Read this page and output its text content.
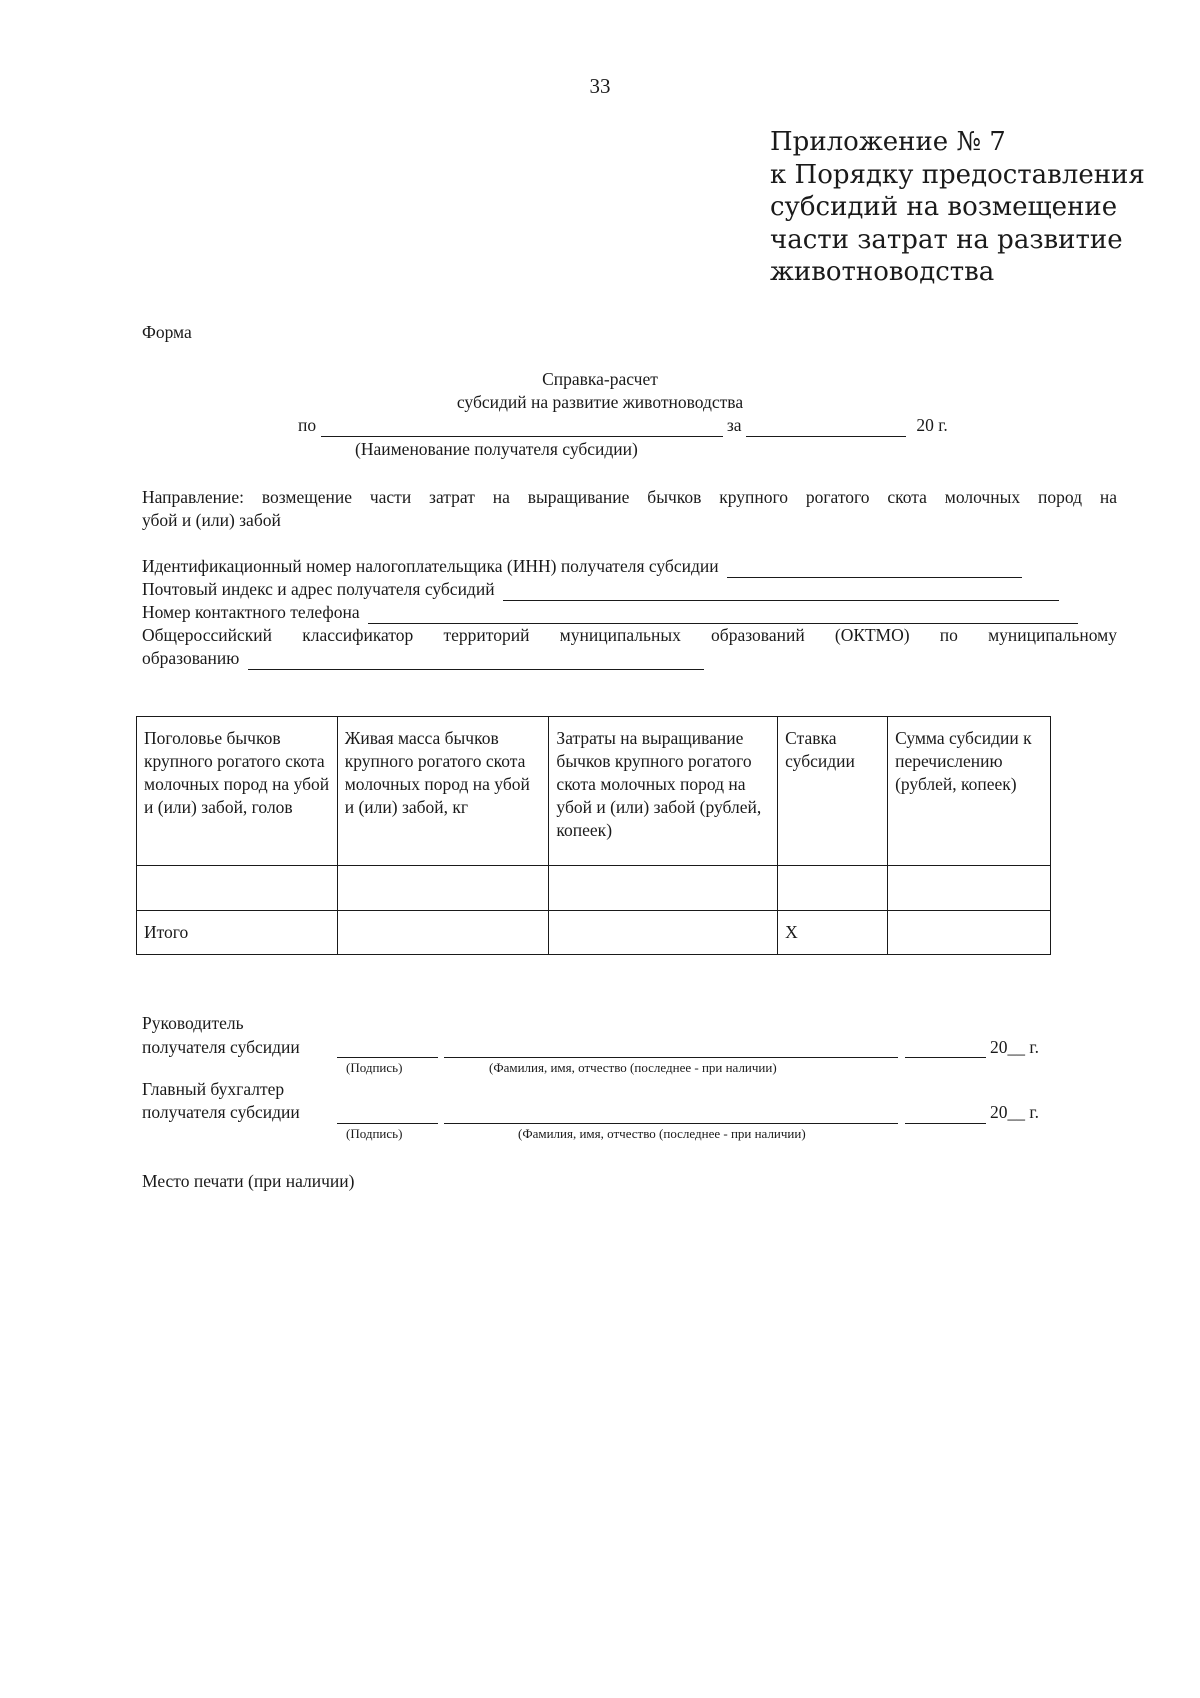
33
Приложение № 7
к Порядку предоставления
субсидий на возмещение
части затрат на развитие
животноводства
Форма
Справка-расчет
субсидий на развитие животноводства
по	за	20 г.
(Наименование получателя субсидии)
Направление: возмещение части затрат на выращивание бычков крупного рогатого скота молочных пород на
убой и (или) забой
Идентификационный номер налогоплательщика (ИНН) получателя субсидии
Почтовый индекс и адрес получателя субсидий
Номер контактного телефона
Общероссийский классификатор территорий муниципальных образований (ОКТМО) по муниципальному
образованию
Поголовье бычков крупного рогатого скота молочных пород на убой и (или) забой, голов	Живая масса бычков крупного рогатого скота молочных пород на убой и (или) забой, кг	Затраты на выращивание бычков крупного рогатого скота молочных пород на убой и (или) забой (рублей, копеек)	Ставка субсидии	Сумма субсидии к перечислению (рублей, копеек)

Итого			X	
Руководитель
получателя субсидии	20__ г.
(Подпись)	(Фамилия, имя, отчество (последнее - при наличии)
Главный бухгалтер
получателя субсидии	20__ г.
(Подпись)	(Фамилия, имя, отчество (последнее - при наличии)
Место печати (при наличии)
